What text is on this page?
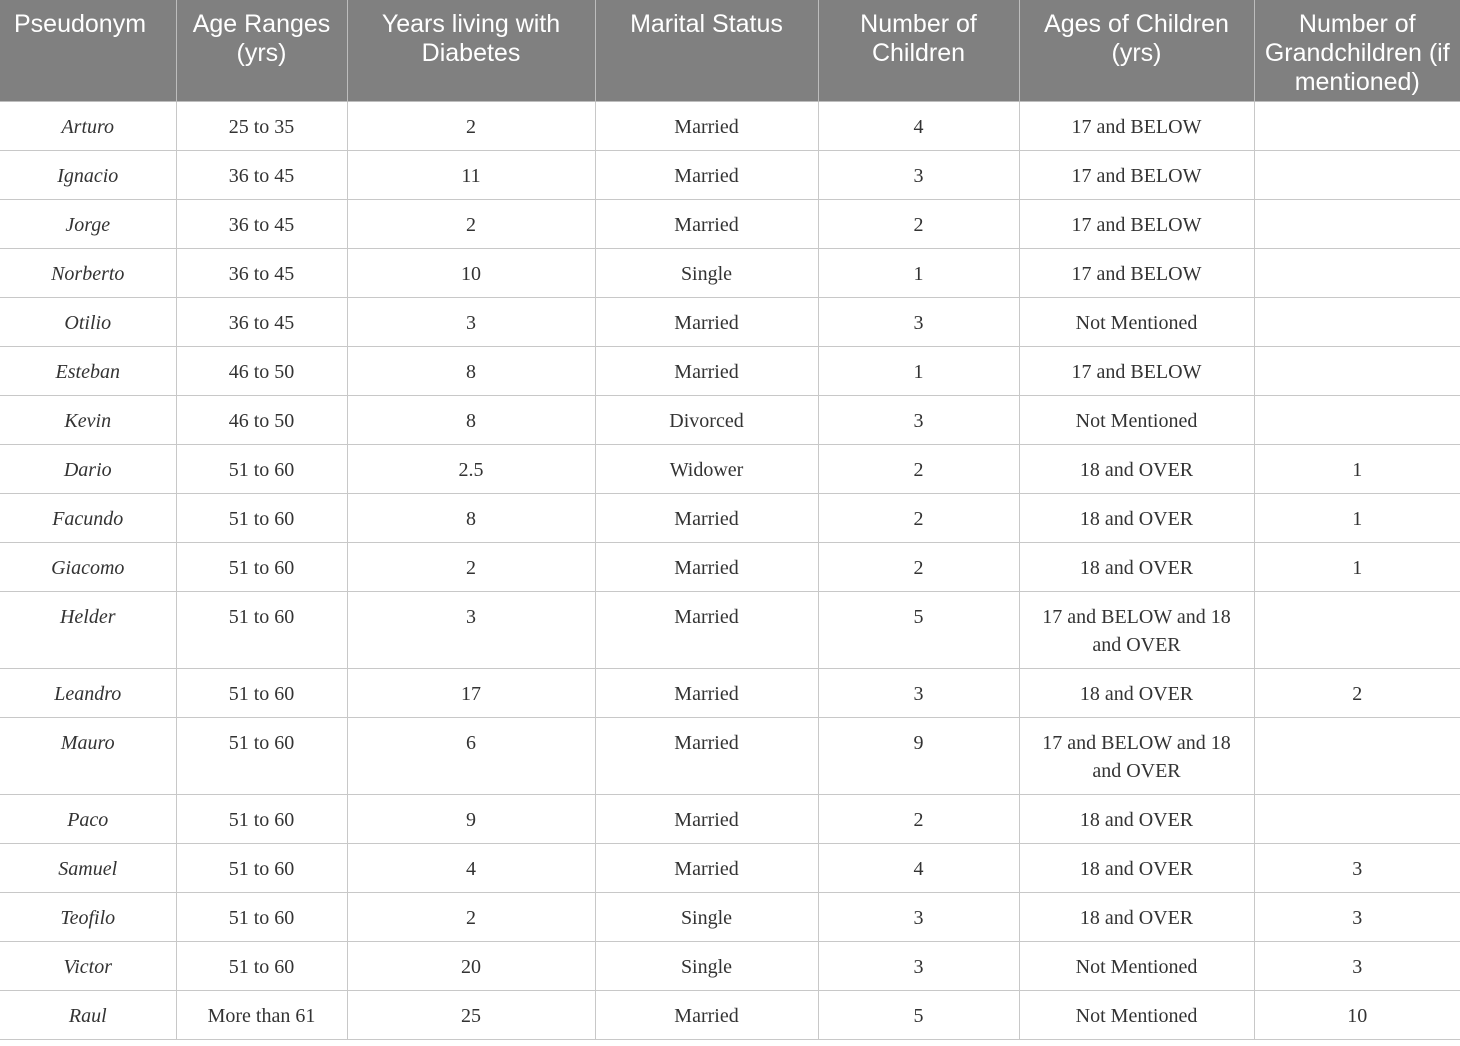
Pseudonym	Age Ranges (yrs)	Years living with Diabetes	Marital Status	Number of Children	Ages of Children (yrs)	Number of Grandchildren (if mentioned)
Arturo	25 to 35	2	Married	4	17 and BELOW	
Ignacio	36 to 45	11	Married	3	17 and BELOW	
Jorge	36 to 45	2	Married	2	17 and BELOW	
Norberto	36 to 45	10	Single	1	17 and BELOW	
Otilio	36 to 45	3	Married	3	Not Mentioned	
Esteban	46 to 50	8	Married	1	17 and BELOW	
Kevin	46 to 50	8	Divorced	3	Not Mentioned	
Dario	51 to 60	2.5	Widower	2	18 and OVER	1
Facundo	51 to 60	8	Married	2	18 and OVER	1
Giacomo	51 to 60	2	Married	2	18 and OVER	1
Helder	51 to 60	3	Married	5	17 and BELOW and 18 and OVER	
Leandro	51 to 60	17	Married	3	18 and OVER	2
Mauro	51 to 60	6	Married	9	17 and BELOW and 18 and OVER	
Paco	51 to 60	9	Married	2	18 and OVER	
Samuel	51 to 60	4	Married	4	18 and OVER	3
Teofilo	51 to 60	2	Single	3	18 and OVER	3
Victor	51 to 60	20	Single	3	Not Mentioned	3
Raul	More than 61	25	Married	5	Not Mentioned	10
